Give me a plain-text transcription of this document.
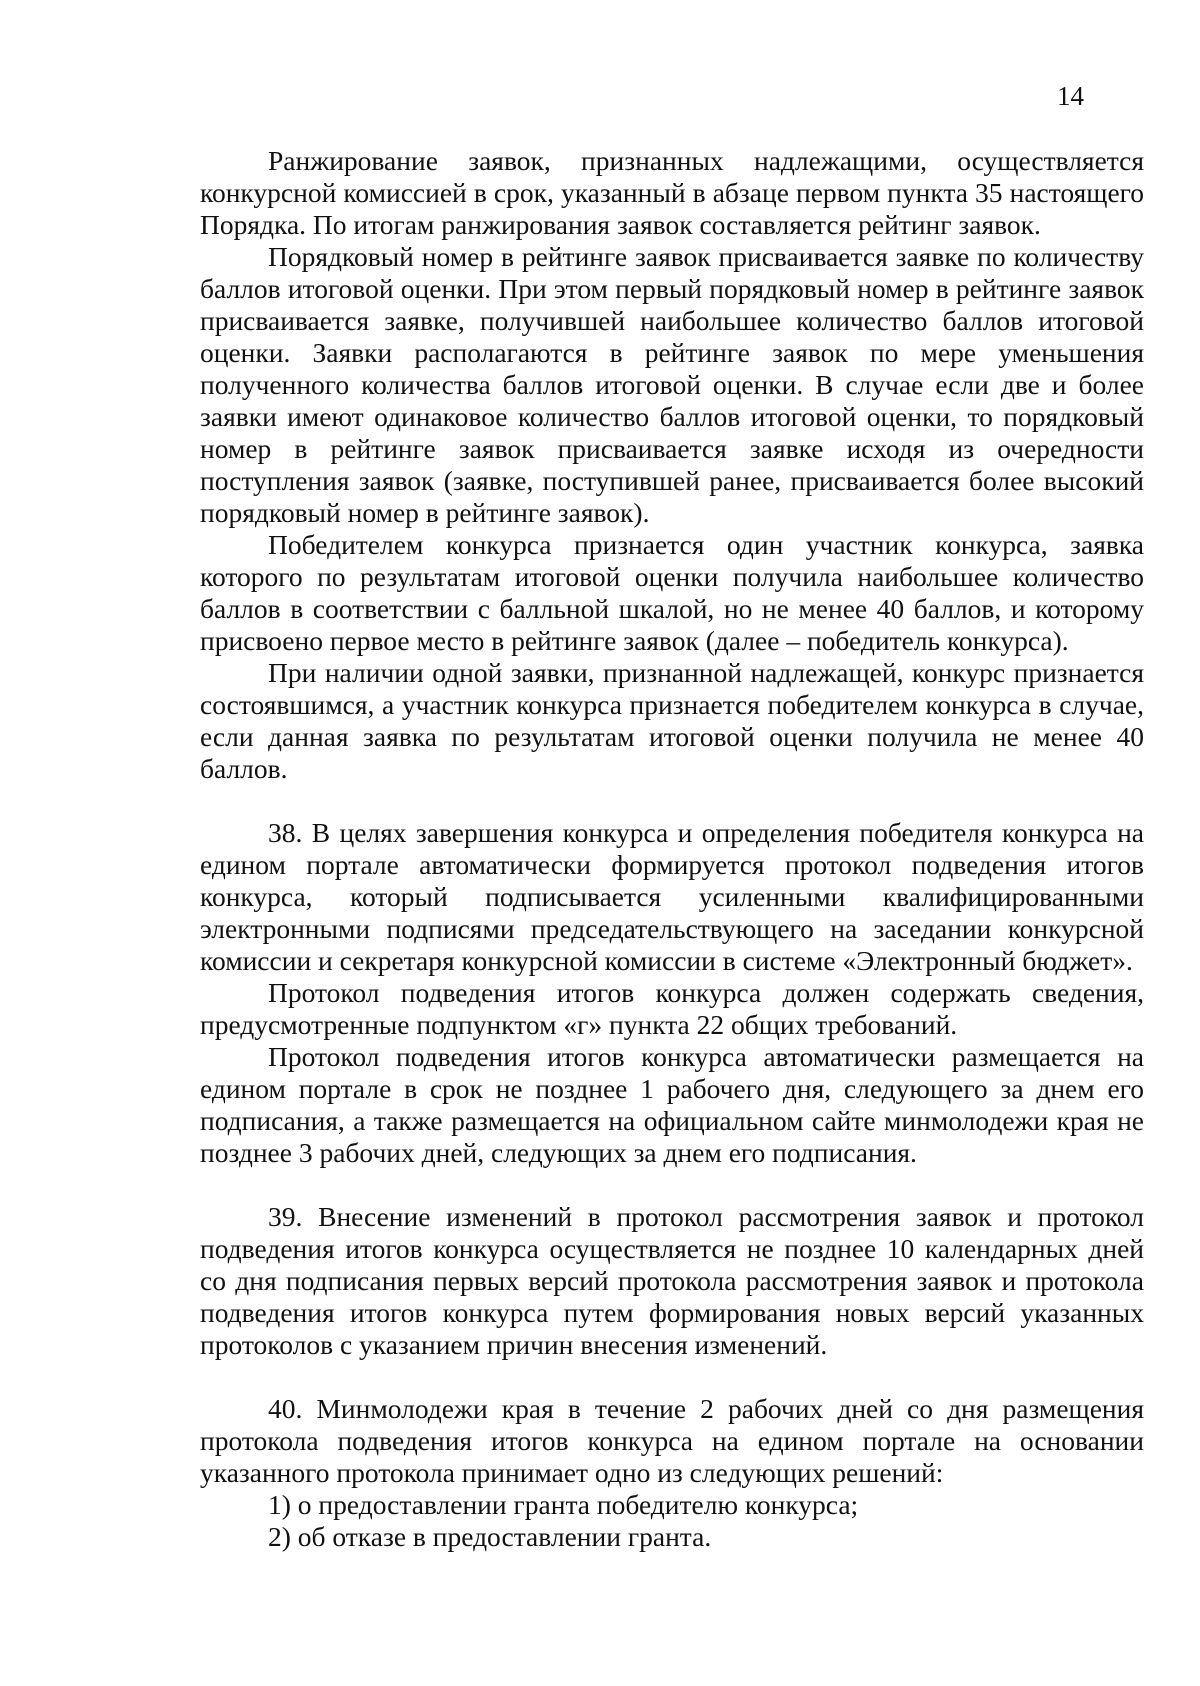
14

Ранжирование заявок, признанных надлежащими, осуществляется конкурсной комиссией в срок, указанный в абзаце первом пункта 35 настоящего Порядка. По итогам ранжирования заявок составляется рейтинг заявок.

Порядковый номер в рейтинге заявок присваивается заявке по количеству баллов итоговой оценки. При этом первый порядковый номер в рейтинге заявок присваивается заявке, получившей наибольшее количество баллов итоговой оценки. Заявки располагаются в рейтинге заявок по мере уменьшения полученного количества баллов итоговой оценки. В случае если две и более заявки имеют одинаковое количество баллов итоговой оценки, то порядковый номер в рейтинге заявок присваивается заявке исходя из очередности поступления заявок (заявке, поступившей ранее, присваивается более высокий порядковый номер в рейтинге заявок).

Победителем конкурса признается один участник конкурса, заявка которого по результатам итоговой оценки получила наибольшее количество баллов в соответствии с балльной шкалой, но не менее 40 баллов, и которому присвоено первое место в рейтинге заявок (далее – победитель конкурса).

При наличии одной заявки, признанной надлежащей, конкурс признается состоявшимся, а участник конкурса признается победителем конкурса в случае, если данная заявка по результатам итоговой оценки получила не менее 40 баллов.

38. В целях завершения конкурса и определения победителя конкурса на едином портале автоматически формируется протокол подведения итогов конкурса, который подписывается усиленными квалифицированными электронными подписями председательствующего на заседании конкурсной комиссии и секретаря конкурсной комиссии в системе «Электронный бюджет».

Протокол подведения итогов конкурса должен содержать сведения, предусмотренные подпунктом «г» пункта 22 общих требований.

Протокол подведения итогов конкурса автоматически размещается на едином портале в срок не позднее 1 рабочего дня, следующего за днем его подписания, а также размещается на официальном сайте минмолодежи края не позднее 3 рабочих дней, следующих за днем его подписания.

39. Внесение изменений в протокол рассмотрения заявок и протокол подведения итогов конкурса осуществляется не позднее 10 календарных дней со дня подписания первых версий протокола рассмотрения заявок и протокола подведения итогов конкурса путем формирования новых версий указанных протоколов с указанием причин внесения изменений.

40. Минмолодежи края в течение 2 рабочих дней со дня размещения протокола подведения итогов конкурса на едином портале на основании указанного протокола принимает одно из следующих решений:

1) о предоставлении гранта победителю конкурса;

2) об отказе в предоставлении гранта.
